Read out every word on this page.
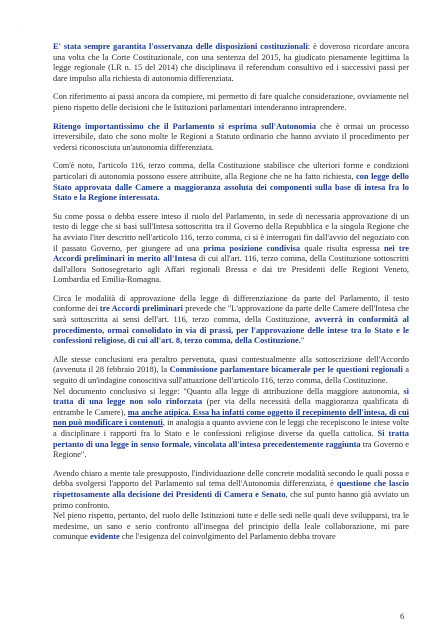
·

E' stata sempre garantita l'osservanza delle disposizioni costituzionali: è doveroso ricordare ancora una volta che la Corte Costituzionale, con una sentenza del 2015, ha giudicato pienamente legittima la legge regionale (LR n. 15 del 2014) che disciplinava il referendum consultivo ed i successivi passi per dare impulso alla richiesta di autonomia differenziata.

Con riferimento ai passi ancora da compiere, mi permetto di fare qualche considerazione, ovviamente nel pieno rispetto delle decisioni che le Istituzioni parlamentari intenderanno intraprendere.

Ritengo importantissimo che il Parlamento si esprima sull'Autonomia che è ormai un processo irreversibile, dato che sono molte le Regioni a Statuto ordinario che hanno avviato il procedimento per vedersi riconosciuta un'autonomia differenziata.

Com'è noto, l'articolo 116, terzo comma, della Costituzione stabilisce che ulteriori forme e condizioni particolari di autonomia possono essere attribuite, alla Regione che ne ha fatto richiesta, con legge dello Stato approvata dalle Camere a maggioranza assoluta dei componenti sulla base di intesa fra lo Stato e la Regione interessata.

Su come possa o debba essere inteso il ruolo del Parlamento, in sede di necessaria approvazione di un testo di legge che si basi sull'Intesa sottoscritta tra il Governo della Repubblica e la singola Regione che ha avviato l'iter descritto nell'articolo 116, terzo comma, ci si è interrogati fin dall'avvio del negoziato con il passato Governo, per giungere ad una prima posizione condivisa quale risulta espressa nei tre Accordi preliminari in merito all'Intesa di cui all'art. 116, terzo comma, della Costituzione sottoscritti dall'allora Sottosegretario agli Affari regionali Bressa e dai tre Presidenti delle Regioni Veneto, Lombardia ed Emilia-Romagna.

Circa le modalità di approvazione della legge di differenziazione da parte del Parlamento, il testo conforme dei tre Accordi preliminari prevede che "L'approvazione da parte delle Camere dell'Intesa che sarà sottoscritta ai sensi dell'art. 116, terzo comma, della Costituzione, avverrà in conformità al procedimento, ormai consolidato in via di prassi, per l'approvazione delle intese tra lo Stato e le confessioni religiose, di cui all'art. 8, terzo comma, della Costituzione."

Alle stesse conclusioni era peraltro pervenuta, quasi contestualmente alla sottoscrizione dell'Accordo (avvenuta il 28 febbraio 2018), la Commissione parlamentare bicamerale per le questioni regionali a seguito di un'indagine conoscitiva sull'attuazione dell'articolo 116, terzo comma, della Costituzione.
Nel documento conclusivo si legge: "Quanto alla legge di attribuzione della maggiore autonomia, si tratta di una legge non solo rinforzata (per via della necessità della maggioranza qualificata di entrambe le Camere), ma anche atipica. Essa ha infatti come oggetto il recepimento dell'intesa, di cui non può modificare i contenuti, in analogia a quanto avviene con le leggi che recepiscono le intese volte a disciplinare i rapporti fra lo Stato e le confessioni religiose diverse da quella cattolica. Si tratta pertanto di una legge in senso formale, vincolata all'intesa precedentemente raggiunta tra Governo e Regione".

Avendo chiaro a mente tale presupposto, l'individuazione delle concrete modalità secondo le quali possa e debba svolgersi l'apporto del Parlamento sul tema dell'Autonomia differenziata, è questione che lascio rispettosamente alla decisione dei Presidenti di Camera e Senato, che sul punto hanno già avviato un primo confronto.
Nel pieno rispetto, pertanto, del ruolo delle Istituzioni tutte e delle sedi nelle quali deve svilupparsi, tra le medesime, un sano e serio confronto all'insegna del principio della leale collaborazione, mi pare comunque evidente che l'esigenza del coinvolgimento del Parlamento debba trovare

6
